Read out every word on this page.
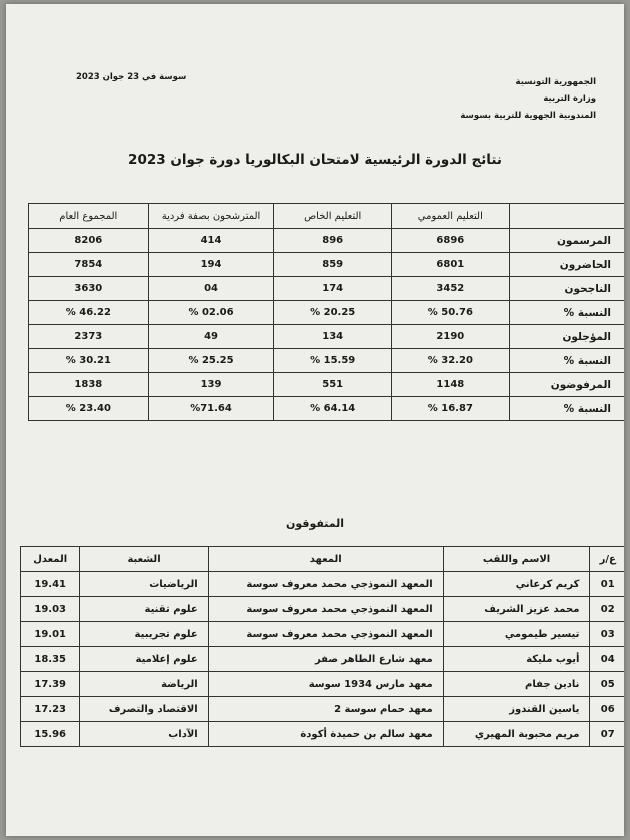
الجمهورية التونسية
وزارة التربية
المندوبية الجهوية للتربية بسوسة
سوسة في 23 جوان 2023
نتائج الدورة الرئيسية لامتحان البكالوريا دورة جوان 2023
	التعليم العمومي	التعليم الخاص	المترشحون بصفة فردية	المجموع العام
المرسمون	6896	896	414	8206
الحاضرون	6801	859	194	7854
الناجحون	3452	174	04	3630
النسبة %	50.76 %	20.25 %	02.06 %	46.22 %
المؤجلون	2190	134	49	2373
النسبة %	32.20 %	15.59 %	25.25 %	30.21 %
المرفوضون	1148	551	139	1838
النسبة %	16.87 %	64.14 %	%71.64	23.40 %
المتفوقون
ع/ر	الاسم واللقب	المعهد	الشعبة	المعدل
01	كريم كرعاني	المعهد النموذجي محمد معروف سوسة	الرياضيات	19.41
02	محمد عزيز الشريف	المعهد النموذجي محمد معروف سوسة	علوم تقنية	19.03
03	تيسير طيمومي	المعهد النموذجي محمد معروف سوسة	علوم تجريبية	19.01
04	أيوب مليكة	معهد شارع الطاهر صفر	علوم إعلامية	18.35
05	نادين جفام	معهد مارس 1934 سوسة	الرياضة	17.39
06	ياسين القندوز	معهد حمام سوسة 2	الاقتصاد والتصرف	17.23
07	مريم محبوبة المهيري	معهد سالم بن حميدة أكودة	الآداب	15.96
